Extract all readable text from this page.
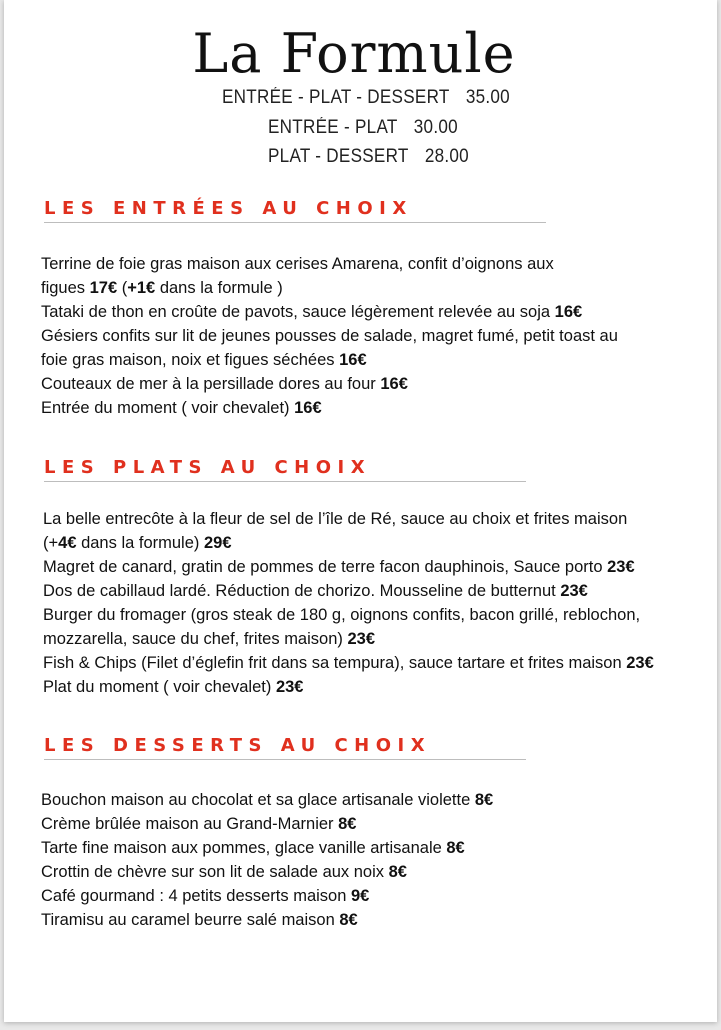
La Formule
ENTRÉE - PLAT - DESSERT 35.00
ENTRÉE - PLAT 30.00
PLAT - DESSERT 28.00
LES ENTRÉES AU CHOIX
Terrine de foie gras maison aux cerises Amarena, confit d’oignons aux
figues 17€ (+1€ dans la formule )
Tataki de thon en croûte de pavots, sauce légèrement relevée au soja 16€
Gésiers confits sur lit de jeunes pousses de salade, magret fumé, petit toast au
foie gras maison, noix et figues séchées 16€
Couteaux de mer à la persillade dores au four 16€
Entrée du moment ( voir chevalet) 16€
LES PLATS AU CHOIX
La belle entrecôte à la fleur de sel de l’île de Ré, sauce au choix et frites maison
(+4€ dans la formule) 29€
Magret de canard, gratin de pommes de terre facon dauphinois, Sauce porto 23€
Dos de cabillaud lardé. Réduction de chorizo. Mousseline de butternut 23€
Burger du fromager (gros steak de 180 g, oignons confits, bacon grillé, reblochon,
mozzarella, sauce du chef, frites maison) 23€
Fish & Chips (Filet d’églefin frit dans sa tempura), sauce tartare et frites maison 23€
Plat du moment ( voir chevalet) 23€
LES DESSERTS AU CHOIX
Bouchon maison au chocolat et sa glace artisanale violette 8€
Crème brûlée maison au Grand-Marnier 8€
Tarte fine maison aux pommes, glace vanille artisanale 8€
Crottin de chèvre sur son lit de salade aux noix 8€
Café gourmand : 4 petits desserts maison 9€
Tiramisu au caramel beurre salé maison 8€
